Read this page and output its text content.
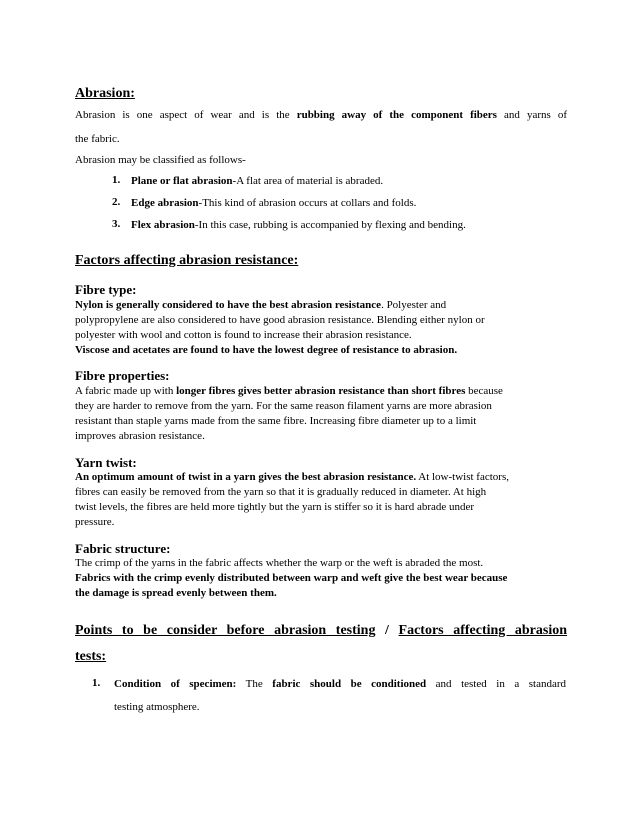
Abrasion:
Abrasion is one aspect of wear and is the rubbing away of the component fibers and yarns of
the fabric.
Abrasion may be classified as follows-
1. Plane or flat abrasion-A flat area of material is abraded.
2. Edge abrasion-This kind of abrasion occurs at collars and folds.
3. Flex abrasion-In this case, rubbing is accompanied by flexing and bending.
Factors affecting abrasion resistance:
Fibre type:
Nylon is generally considered to have the best abrasion resistance. Polyester and
polypropylene are also considered to have good abrasion resistance. Blending either nylon or
polyester with wool and cotton is found to increase their abrasion resistance.
Viscose and acetates are found to have the lowest degree of resistance to abrasion.
Fibre properties:
A fabric made up with longer fibres gives better abrasion resistance than short fibres because
they are harder to remove from the yarn. For the same reason filament yarns are more abrasion
resistant than staple yarns made from the same fibre. Increasing fibre diameter up to a limit
improves abrasion resistance.
Yarn twist:
An optimum amount of twist in a yarn gives the best abrasion resistance. At low-twist factors,
fibres can easily be removed from the yarn so that it is gradually reduced in diameter. At high
twist levels, the fibres are held more tightly but the yarn is stiffer so it is hard abrade under
pressure.
Fabric structure:
The crimp of the yarns in the fabric affects whether the warp or the weft is abraded the most.
Fabrics with the crimp evenly distributed between warp and weft give the best wear because
the damage is spread evenly between them.
Points to be consider before abrasion testing / Factors affecting abrasion
tests:
1. Condition of specimen: The fabric should be conditioned and tested in a standard
testing atmosphere.
